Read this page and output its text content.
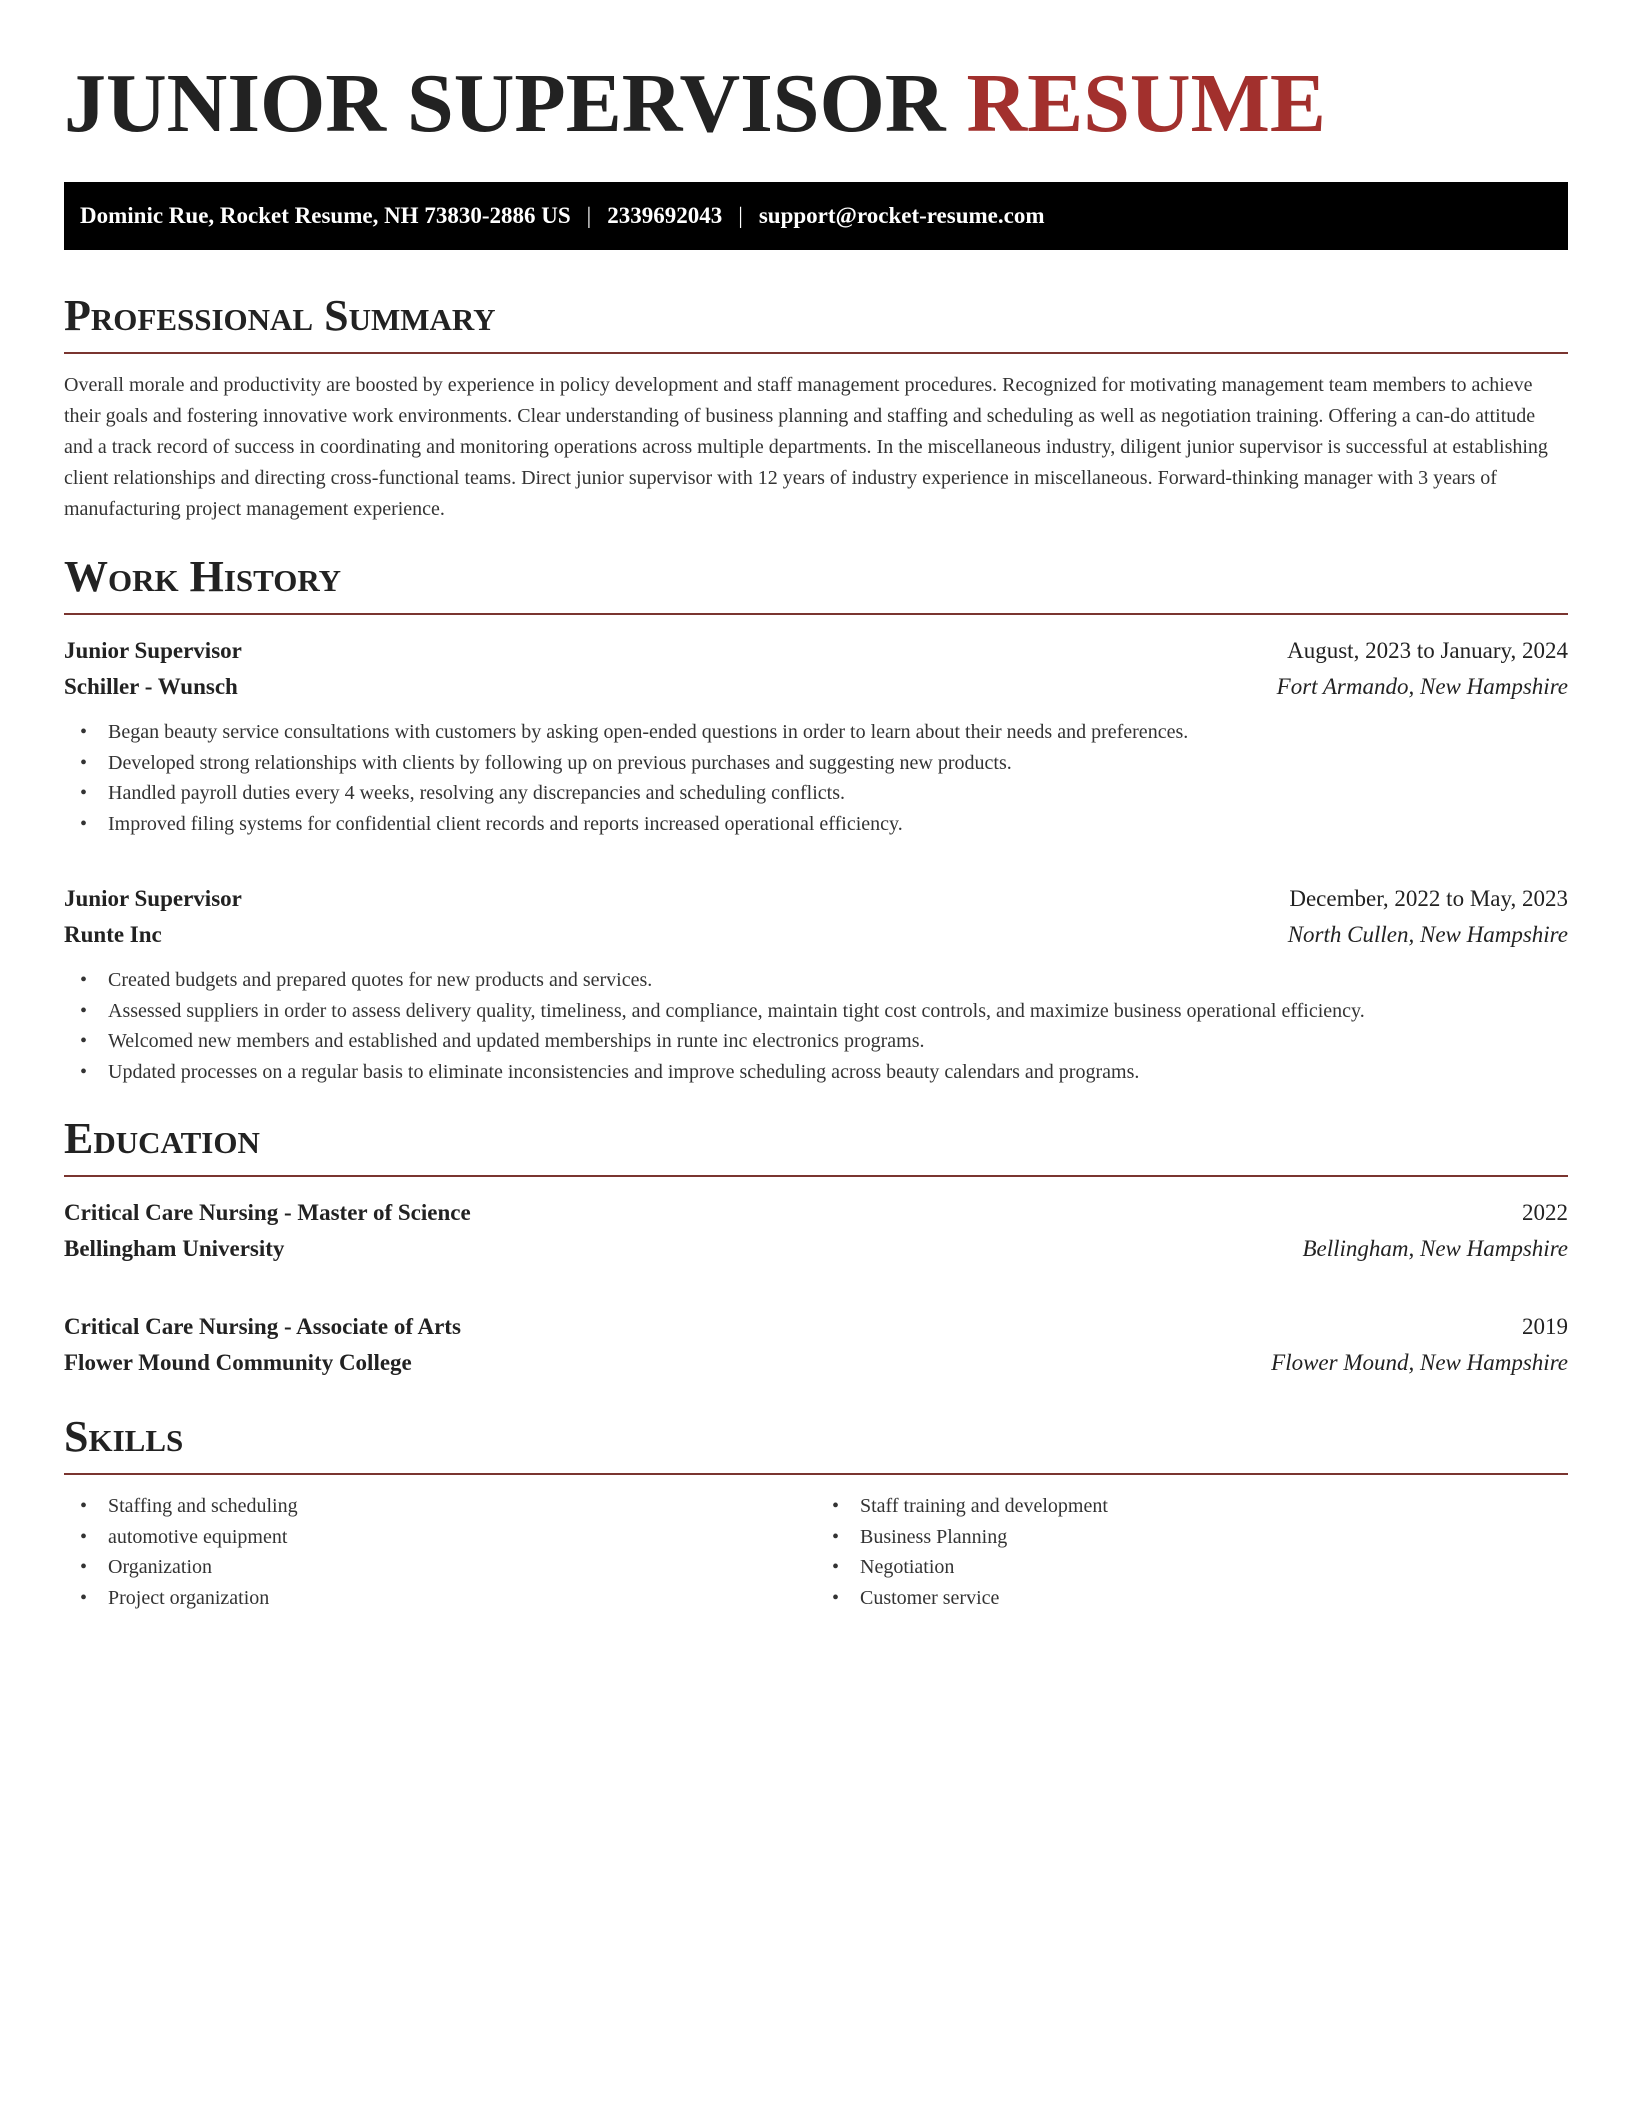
JUNIOR SUPERVISOR RESUME
Dominic Rue, Rocket Resume, NH 73830-2886 US | 2339692043 | support@rocket-resume.com
Professional Summary

Overall morale and productivity are boosted by experience in policy development and staff management procedures. Recognized for motivating management team members to achieve their goals and fostering innovative work environments. Clear understanding of business planning and staffing and scheduling as well as negotiation training. Offering a can-do attitude and a track record of success in coordinating and monitoring operations across multiple departments. In the miscellaneous industry, diligent junior supervisor is successful at establishing client relationships and directing cross-functional teams. Direct junior supervisor with 12 years of industry experience in miscellaneous. Forward-thinking manager with 3 years of manufacturing project management experience.

Work History
Junior Supervisor	August, 2023 to January, 2024
Schiller - Wunsch	Fort Armando, New Hampshire
• Began beauty service consultations with customers by asking open-ended questions in order to learn about their needs and preferences.
• Developed strong relationships with clients by following up on previous purchases and suggesting new products.
• Handled payroll duties every 4 weeks, resolving any discrepancies and scheduling conflicts.
• Improved filing systems for confidential client records and reports increased operational efficiency.
Junior Supervisor	December, 2022 to May, 2023
Runte Inc	North Cullen, New Hampshire
• Created budgets and prepared quotes for new products and services.
• Assessed suppliers in order to assess delivery quality, timeliness, and compliance, maintain tight cost controls, and maximize business operational efficiency.
• Welcomed new members and established and updated memberships in runte inc electronics programs.
• Updated processes on a regular basis to eliminate inconsistencies and improve scheduling across beauty calendars and programs.
Education
Critical Care Nursing - Master of Science	2022
Bellingham University	Bellingham, New Hampshire
Critical Care Nursing - Associate of Arts	2019
Flower Mound Community College	Flower Mound, New Hampshire
Skills
• Staffing and scheduling
• automotive equipment
• Organization
• Project organization
• Staff training and development
• Business Planning
• Negotiation
• Customer service
